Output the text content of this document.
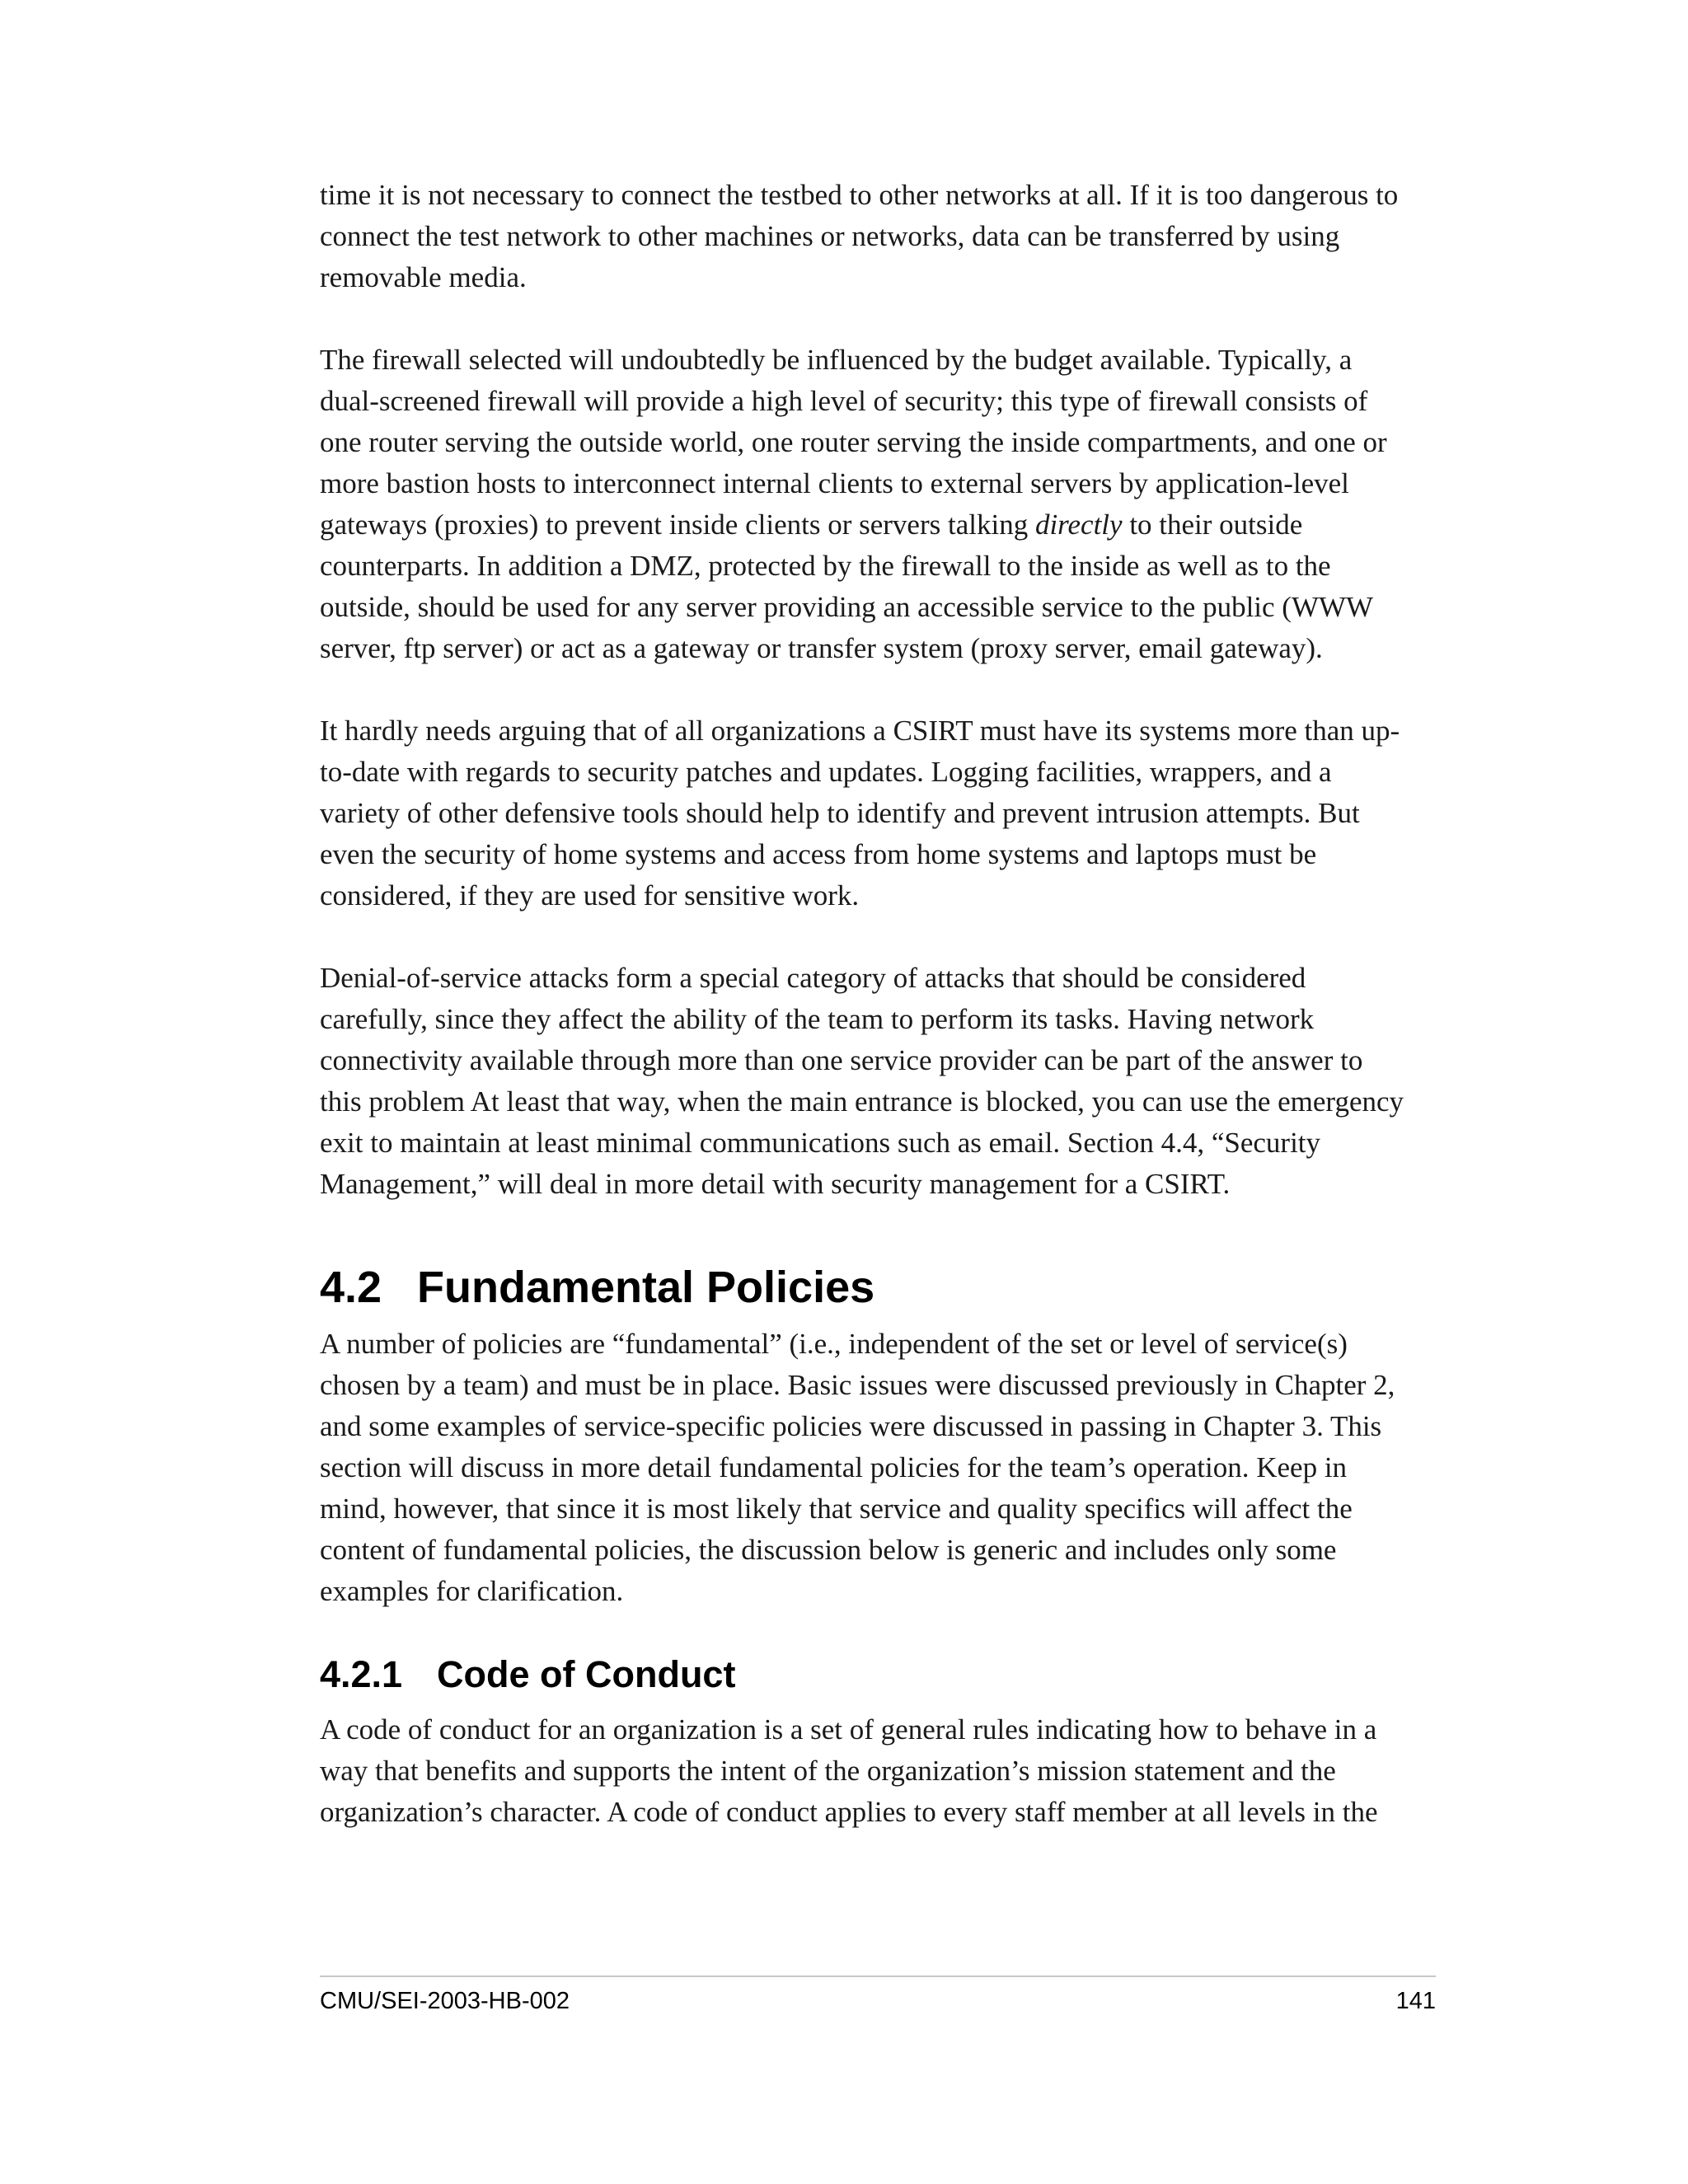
time it is not necessary to connect the testbed to other networks at all. If it is too dangerous to
connect the test network to other machines or networks, data can be transferred by using
removable media.

The firewall selected will undoubtedly be influenced by the budget available. Typically, a
dual-screened firewall will provide a high level of security; this type of firewall consists of
one router serving the outside world, one router serving the inside compartments, and one or
more bastion hosts to interconnect internal clients to external servers by application-level
gateways (proxies) to prevent inside clients or servers talking directly to their outside
counterparts. In addition a DMZ, protected by the firewall to the inside as well as to the
outside, should be used for any server providing an accessible service to the public (WWW
server, ftp server) or act as a gateway or transfer system (proxy server, email gateway).

It hardly needs arguing that of all organizations a CSIRT must have its systems more than up-
to-date with regards to security patches and updates. Logging facilities, wrappers, and a
variety of other defensive tools should help to identify and prevent intrusion attempts. But
even the security of home systems and access from home systems and laptops must be
considered, if they are used for sensitive work.

Denial-of-service attacks form a special category of attacks that should be considered
carefully, since they affect the ability of the team to perform its tasks. Having network
connectivity available through more than one service provider can be part of the answer to
this problem At least that way, when the main entrance is blocked, you can use the emergency
exit to maintain at least minimal communications such as email. Section 4.4, “Security
Management,” will deal in more detail with security management for a CSIRT.

4.2 Fundamental Policies

A number of policies are “fundamental” (i.e., independent of the set or level of service(s)
chosen by a team) and must be in place. Basic issues were discussed previously in Chapter 2,
and some examples of service-specific policies were discussed in passing in Chapter 3. This
section will discuss in more detail fundamental policies for the team’s operation. Keep in
mind, however, that since it is most likely that service and quality specifics will affect the
content of fundamental policies, the discussion below is generic and includes only some
examples for clarification.

4.2.1 Code of Conduct

A code of conduct for an organization is a set of general rules indicating how to behave in a
way that benefits and supports the intent of the organization’s mission statement and the
organization’s character. A code of conduct applies to every staff member at all levels in the

CMU/SEI-2003-HB-002	141
